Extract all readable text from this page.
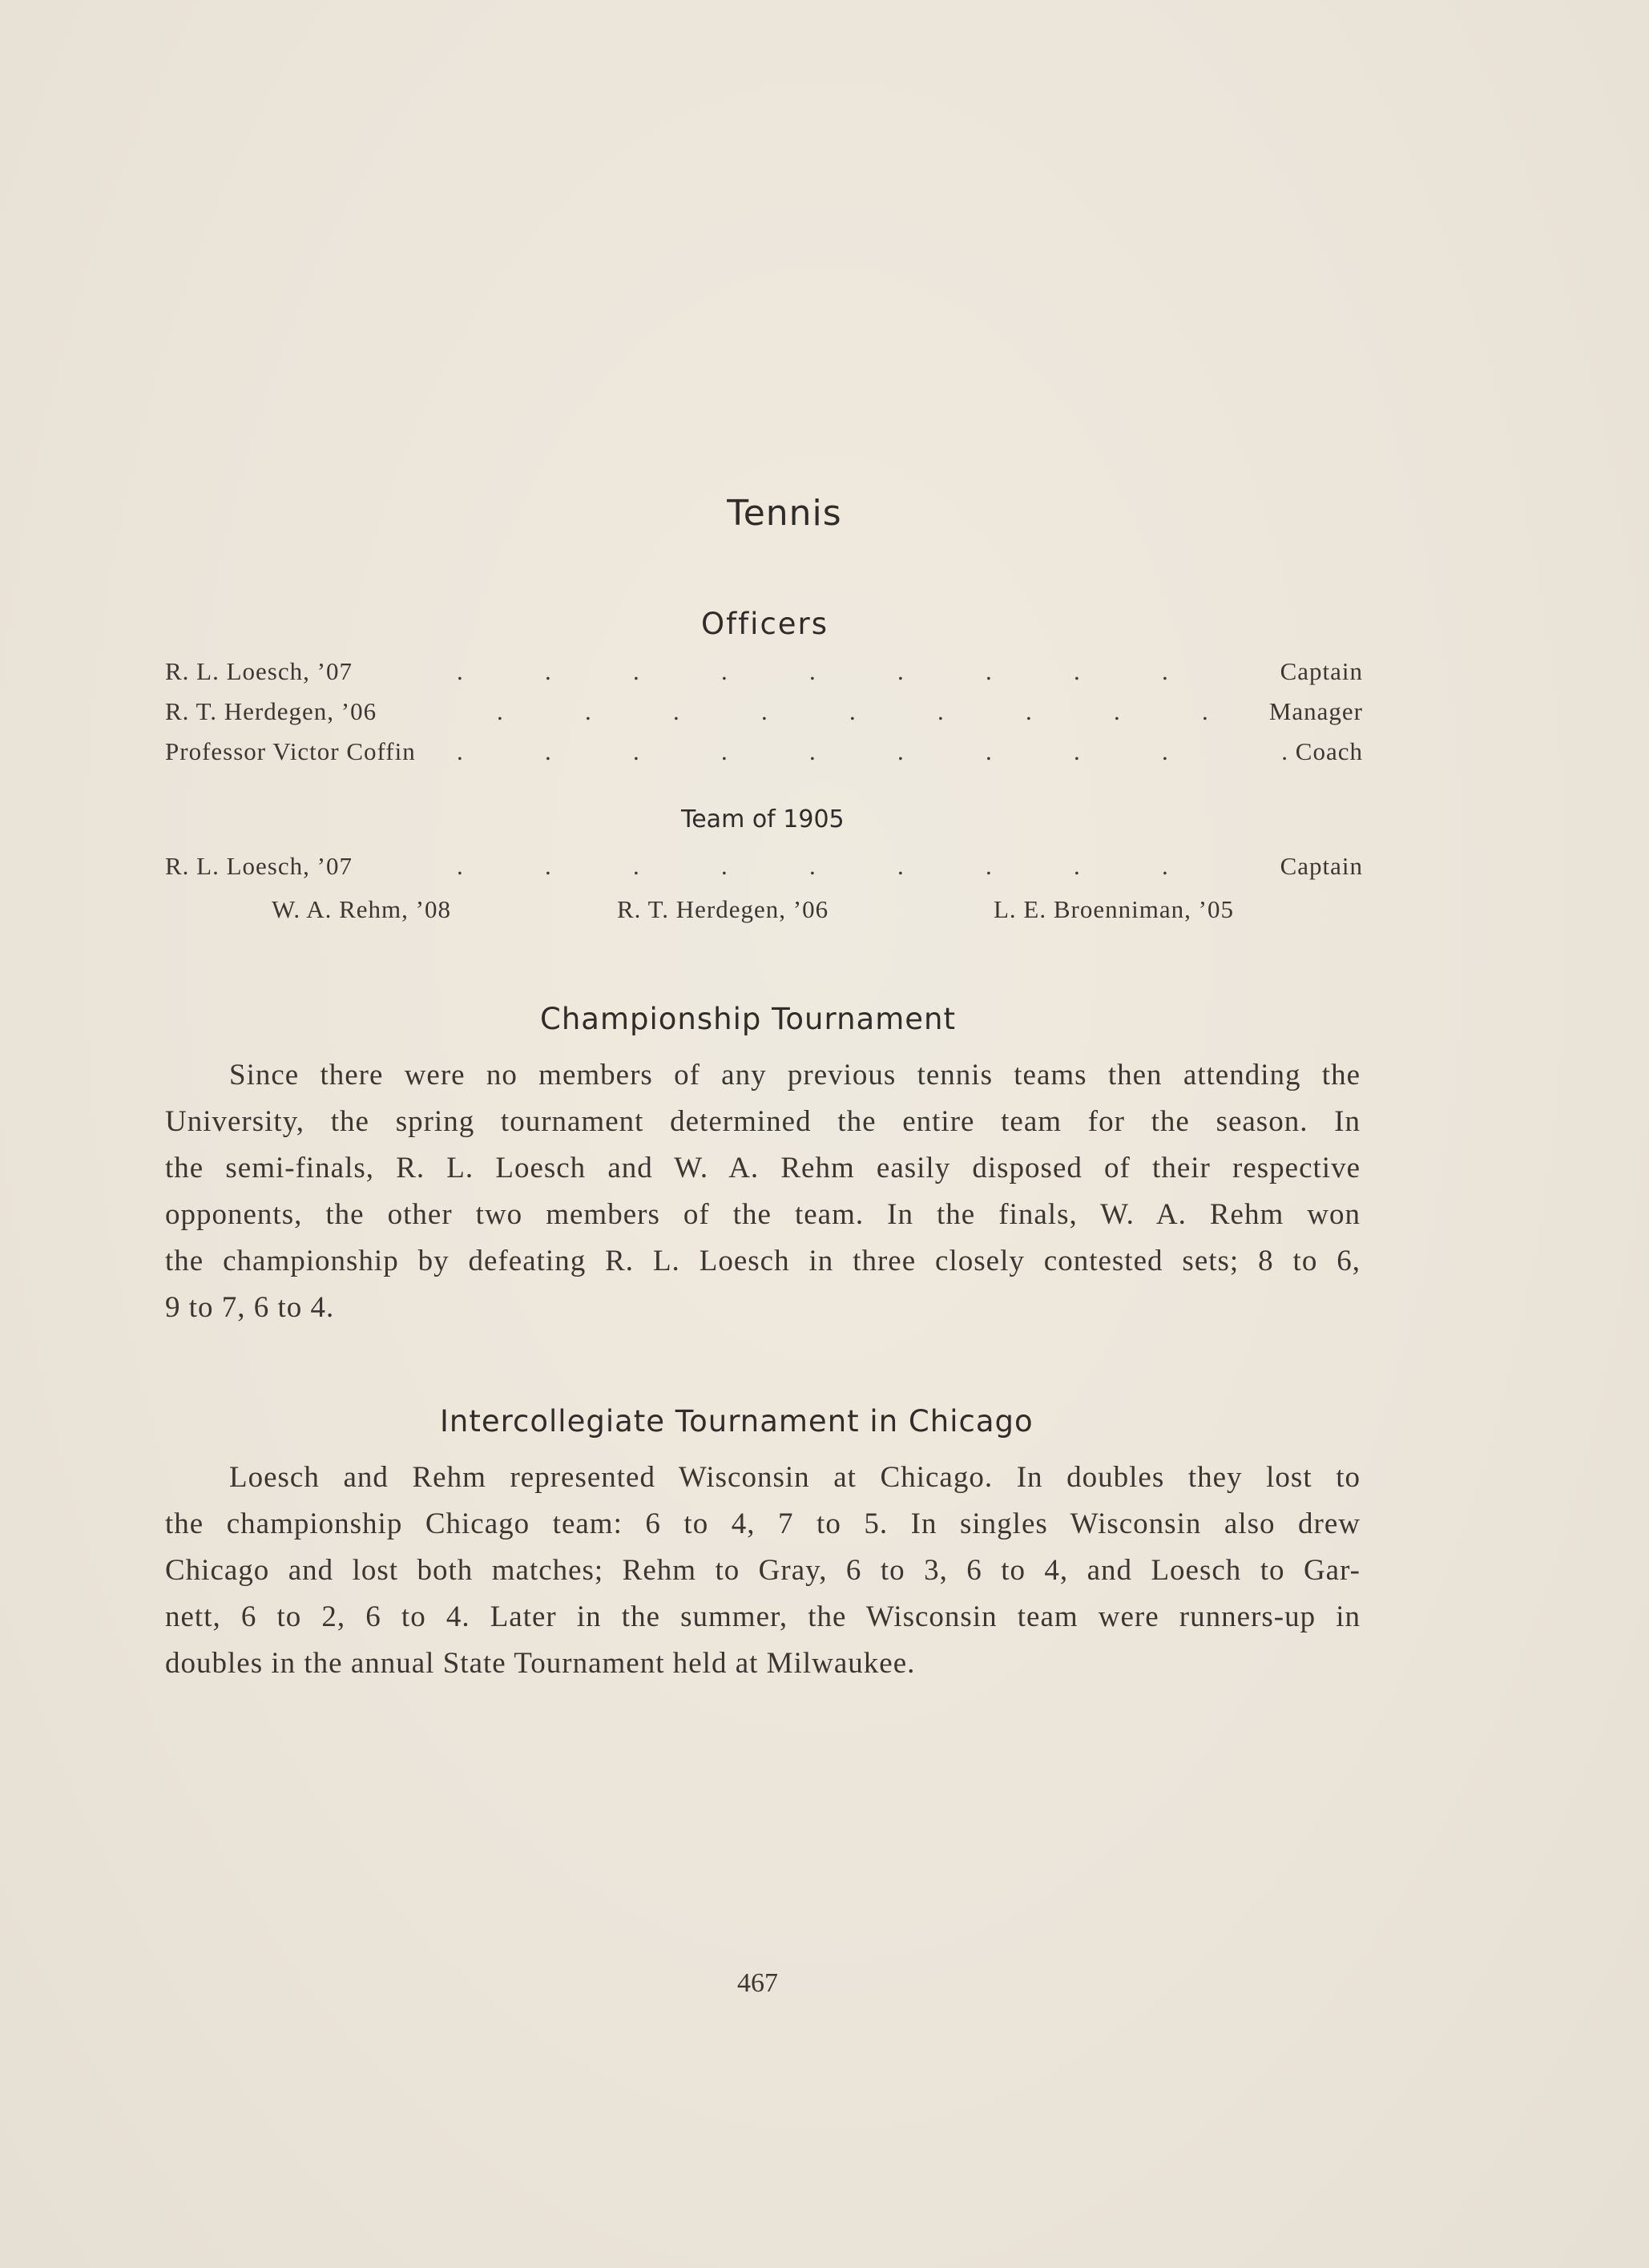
Tennis
Officers
R. L. Loesch, ’07	.	.	.	.	.	.	.	.	.	Captain
R. T. Herdegen, ’06	.	.	.	.	.	.	.	.	. Manager
Professor Victor Coffin .	.	.	.	.	.	.	.	.	. Coach
Team of 1905
R. L. Loesch, ’07	.	.	.	.	.	.	.	.	.	Captain
W. A. Rehm, ’08	R. T. Herdegen, ’06	L. E. Broenniman, ’05
Championship Tournament
Since there were no members of any previous tennis teams then attending the
University, the spring tournament determined the entire team for the season. In
the semi-finals, R. L. Loesch and W. A. Rehm easily disposed of their respective
opponents, the other two members of the team. In the finals, W. A. Rehm won
the championship by defeating R. L. Loesch in three closely contested sets; 8 to 6,
9 to 7, 6 to 4.
Intercollegiate Tournament in Chicago
Loesch and Rehm represented Wisconsin at Chicago. In doubles they lost to
the championship Chicago team: 6 to 4, 7 to 5. In singles Wisconsin also drew
Chicago and lost both matches; Rehm to Gray, 6 to 3, 6 to 4, and Loesch to Gar-
nett, 6 to 2, 6 to 4. Later in the summer, the Wisconsin team were runners-up in
doubles in the annual State Tournament held at Milwaukee.
467
